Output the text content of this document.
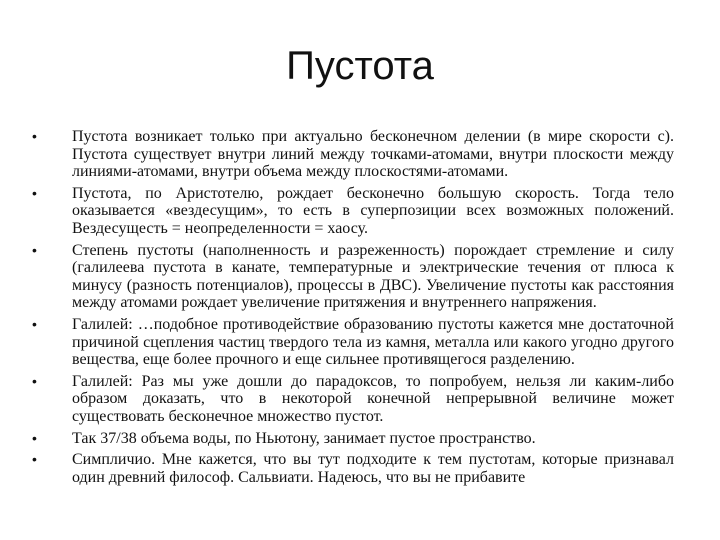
Пустота
• Пустота возникает только при актуально бесконечном делении (в мире скорости с). Пустота существует внутри линий между точками-атомами, внутри плоскости между линиями-атомами, внутри объема между плоскостями-атомами.
• Пустота, по Аристотелю, рождает бесконечно большую скорость. Тогда тело оказывается «вездесущим», то есть в суперпозиции всех возможных положений. Вездесущесть = неопределенности = хаосу.
• Степень пустоты (наполненность и разреженность) порождает стремление и силу (галилеева пустота в канате, температурные и электрические течения от плюса к минусу (разность потенциалов), процессы в ДВС). Увеличение пустоты как расстояния между атомами рождает увеличение притяжения и внутреннего напряжения.
• Галилей: …подобное противодействие образованию пустоты кажется мне достаточной причиной сцепления частиц твердого тела из камня, металла или какого угодно другого вещества, еще более прочного и еще сильнее противящегося разделению.
• Галилей: Раз мы уже дошли до парадоксов, то попробуем, нельзя ли каким-либо образом доказать, что в некоторой конечной непрерывной величине может существовать бесконечное множество пустот.
• Так 37/38 объема воды, по Ньютону, занимает пустое пространство.
• Симпличио. Мне кажется, что вы тут подходите к тем пустотам, которые признавал один древний философ. Сальвиати. Надеюсь, что вы не прибавите
